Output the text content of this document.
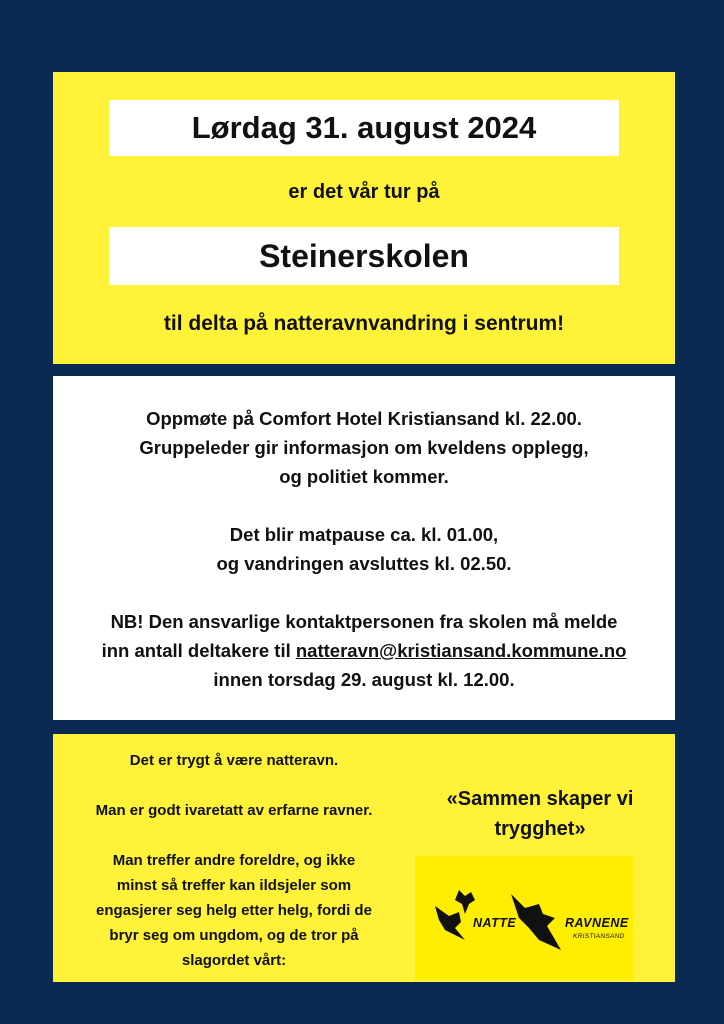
Lørdag 31. august 2024
er det vår tur på
Steinerskolen
til delta på natteravnvandring i sentrum!

Oppmøte på Comfort Hotel Kristiansand kl. 22.00.

Gruppeleder gir informasjon om kveldens opplegg,

og politiet kommer.

Det blir matpause ca. kl. 01.00,

og vandringen avsluttes kl. 02.50.

NB! Den ansvarlige kontaktpersonen fra skolen må melde

inn antall deltakere til natteravn@kristiansand.kommune.no

innen torsdag 29. august kl. 12.00.

Det er trygt å være natteravn.

Man er godt ivaretatt av erfarne ravner.

Man treffer andre foreldre, og ikke

minst så treffer kan ildsjeler som

engasjerer seg helg etter helg, fordi de

bryr seg om ungdom, og de tror på

slagordet vårt:

«Sammen skaper vi
trygghet»
NATTE	RAVNENE
KRISTIANSAND
